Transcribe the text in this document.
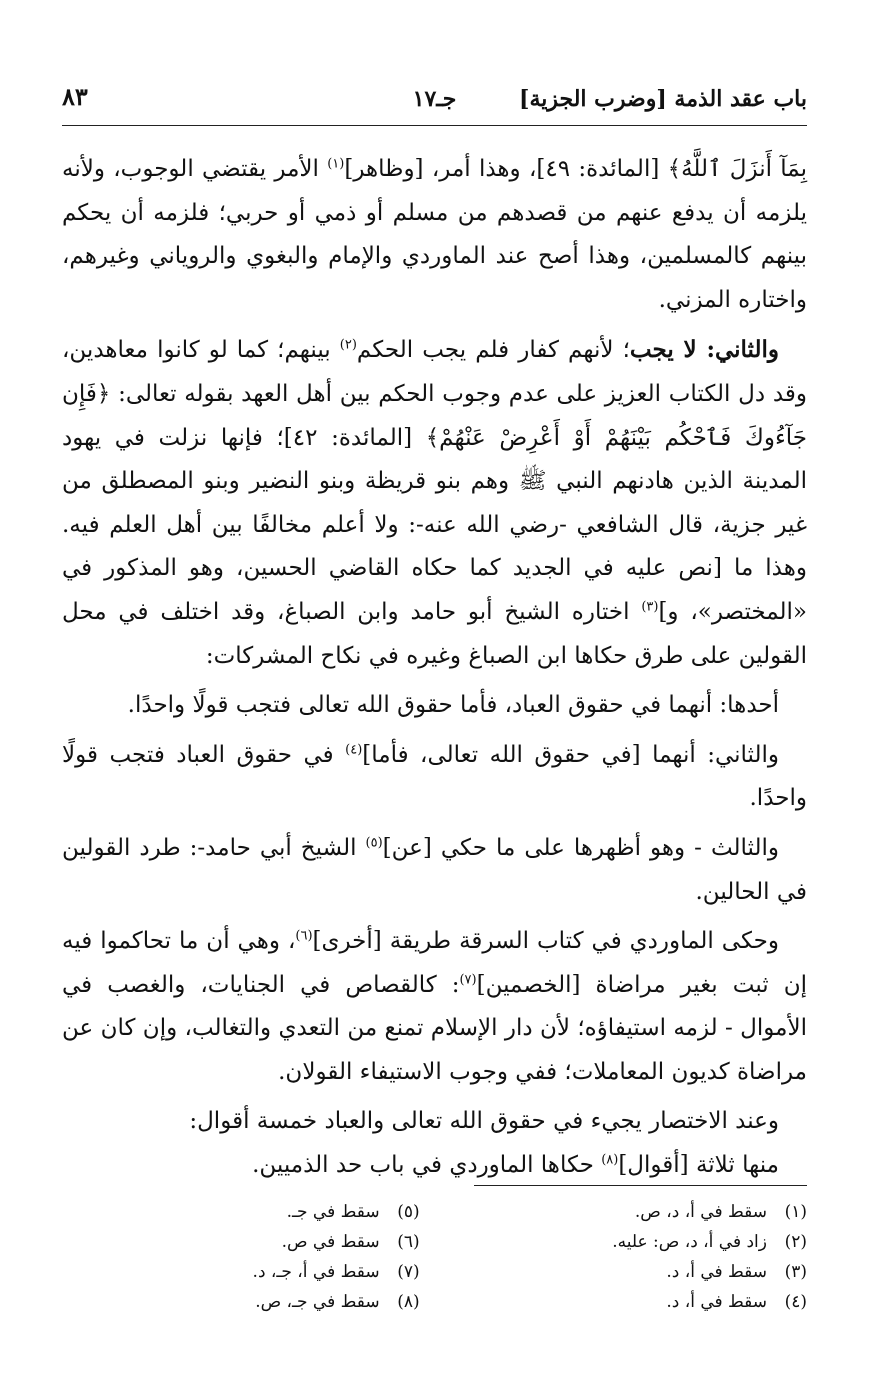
باب عقد الذمة [وضرب الجزية]
جـ١٧
٨٣

بِمَآ أَنزَلَ ٱللَّهُ﴾ [المائدة: ٤٩]، وهذا أمر، [وظاهر]$^{(١)}$ الأمر يقتضي الوجوب، ولأنه يلزمه أن يدفع عنهم من قصدهم من مسلم أو ذمي أو حربي؛ فلزمه أن يحكم بينهم كالمسلمين، وهذا أصح عند الماوردي والإمام والبغوي والروياني وغيرهم، واختاره المزني.

والثاني: لا يجب؛ لأنهم كفار فلم يجب الحكم$^{(٢)}$ بينهم؛ كما لو كانوا معاهدين، وقد دل الكتاب العزيز على عدم وجوب الحكم بين أهل العهد بقوله تعالى: ﴿فَإِن جَآءُوكَ فَٱحْكُم بَيْنَهُمْ أَوْ أَعْرِضْ عَنْهُمْ﴾ [المائدة: ٤٢]؛ فإنها نزلت في يهود المدينة الذين هادنهم النبي ﷺ وهم بنو قريظة وبنو النضير وبنو المصطلق من غير جزية، قال الشافعي -رضي الله عنه-: ولا أعلم مخالفًا بين أهل العلم فيه. وهذا ما [نص عليه في الجديد كما حكاه القاضي الحسين، وهو المذكور في «المختصر»، و]$^{(٣)}$ اختاره الشيخ أبو حامد وابن الصباغ، وقد اختلف في محل القولين على طرق حكاها ابن الصباغ وغيره في نكاح المشركات:

أحدها: أنهما في حقوق العباد، فأما حقوق الله تعالى فتجب قولًا واحدًا.

والثاني: أنهما [في حقوق الله تعالى، فأما]$^{(٤)}$ في حقوق العباد فتجب قولًا واحدًا.

والثالث - وهو أظهرها على ما حكي [عن]$^{(٥)}$ الشيخ أبي حامد-: طرد القولين في الحالين.

وحكى الماوردي في كتاب السرقة طريقة [أخرى]$^{(٦)}$، وهي أن ما تحاكموا فيه إن ثبت بغير مراضاة [الخصمين]$^{(٧)}$: كالقصاص في الجنايات، والغصب في الأموال - لزمه استيفاؤه؛ لأن دار الإسلام تمنع من التعدي والتغالب، وإن كان عن مراضاة كديون المعاملات؛ ففي وجوب الاستيفاء القولان.

وعند الاختصار يجيء في حقوق الله تعالى والعباد خمسة أقوال:

منها ثلاثة [أقوال]$^{(٨)}$ حكاها الماوردي في باب حد الذميين.

(١)سقط في أ، د، ص.
(٢)زاد في أ، د، ص: عليه.
(٣)سقط في أ، د.
(٤)سقط في أ، د.
(٥)سقط في جـ.
(٦)سقط في ص.
(٧)سقط في أ، جـ، د.
(٨)سقط في جـ، ص.
